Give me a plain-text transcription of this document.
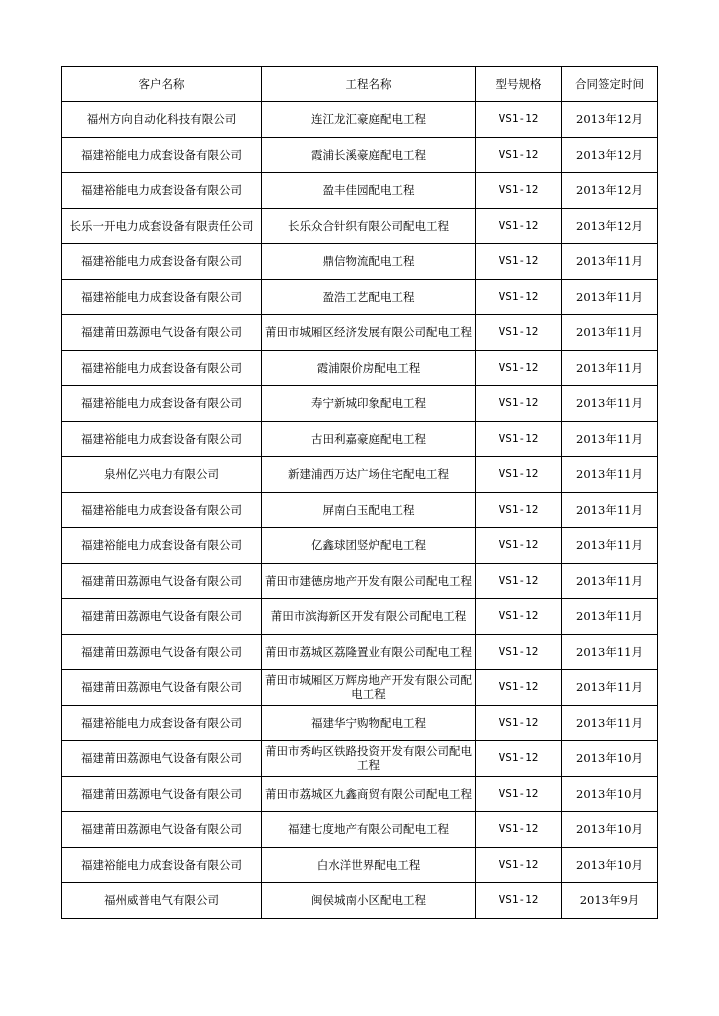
客户名称	工程名称	型号规格	合同签定时间
福州方向自动化科技有限公司	连江龙汇豪庭配电工程	VS1-12	2013年12月
福建裕能电力成套设备有限公司	霞浦长溪豪庭配电工程	VS1-12	2013年12月
福建裕能电力成套设备有限公司	盈丰佳园配电工程	VS1-12	2013年12月
长乐一开电力成套设备有限责任公司	长乐众合针织有限公司配电工程	VS1-12	2013年12月
福建裕能电力成套设备有限公司	鼎信物流配电工程	VS1-12	2013年11月
福建裕能电力成套设备有限公司	盈浩工艺配电工程	VS1-12	2013年11月
福建莆田荔源电气设备有限公司	莆田市城厢区经济发展有限公司配电工程	VS1-12	2013年11月
福建裕能电力成套设备有限公司	霞浦限价房配电工程	VS1-12	2013年11月
福建裕能电力成套设备有限公司	寿宁新城印象配电工程	VS1-12	2013年11月
福建裕能电力成套设备有限公司	古田利嘉豪庭配电工程	VS1-12	2013年11月
泉州亿兴电力有限公司	新建浦西万达广场住宅配电工程	VS1-12	2013年11月
福建裕能电力成套设备有限公司	屏南白玉配电工程	VS1-12	2013年11月
福建裕能电力成套设备有限公司	亿鑫球团竖炉配电工程	VS1-12	2013年11月
福建莆田荔源电气设备有限公司	莆田市建德房地产开发有限公司配电工程	VS1-12	2013年11月
福建莆田荔源电气设备有限公司	莆田市滨海新区开发有限公司配电工程	VS1-12	2013年11月
福建莆田荔源电气设备有限公司	莆田市荔城区荔隆置业有限公司配电工程	VS1-12	2013年11月
福建莆田荔源电气设备有限公司	莆田市城厢区万辉房地产开发有限公司配电工程	VS1-12	2013年11月
福建裕能电力成套设备有限公司	福建华宁购物配电工程	VS1-12	2013年11月
福建莆田荔源电气设备有限公司	莆田市秀屿区铁路投资开发有限公司配电工程	VS1-12	2013年10月
福建莆田荔源电气设备有限公司	莆田市荔城区九鑫商贸有限公司配电工程	VS1-12	2013年10月
福建莆田荔源电气设备有限公司	福建七度地产有限公司配电工程	VS1-12	2013年10月
福建裕能电力成套设备有限公司	白水洋世界配电工程	VS1-12	2013年10月
福州威普电气有限公司	闽侯城南小区配电工程	VS1-12	2013年9月
